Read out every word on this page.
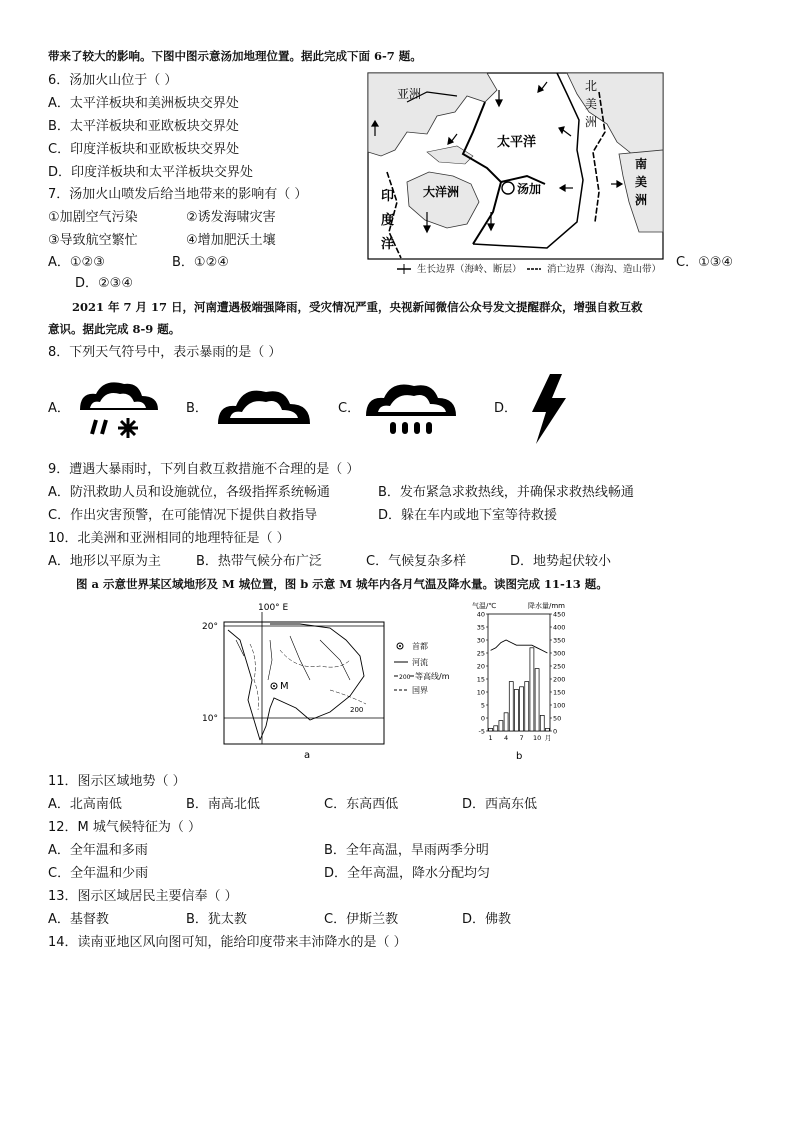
带来了较大的影响。下图中图示意汤加地理位置。据此完成下面 6-7 题。
6．汤加火山位于（ ）
A．太平洋板块和美洲板块交界处
B．太平洋板块和亚欧板块交界处
C．印度洋板块和亚欧板块交界处
D．印度洋板块和太平洋板块交界处
7．汤加火山喷发后给当地带来的影响有（ ）
①加剧空气污染	②诱发海啸灾害
③导致航空繁忙	④增加肥沃土壤
A．①②③	B．①②④	C．①③④
D．②③④
亚洲
北
美
洲
太平洋
大洋洲	汤加
南
美
洲
印
度
洋
生长边界（海岭、断层）	消亡边界（海沟、造山带）
2021 年 7 月 17 日，河南遭遇极端强降雨，受灾情况严重，央视新闻微信公众号发文提醒群众，增强自救互救
意识。据此完成 8-9 题。
8．下列天气符号中，表示暴雨的是（ ）
A．	B．	C．	D．
9．遭遇大暴雨时，下列自救互救措施不合理的是（ ）
A．防汛救助人员和设施就位，各级指挥系统畅通	B．发布紧急求救热线，并确保求救热线畅通
C．作出灾害预警，在可能情况下提供自救指导	D．躲在车内或地下室等待救援
10．北美洲和亚洲相同的地理特征是（ ）
A．地形以平原为主	B．热带气候分布广泛	C．气候复杂多样	D．地势起伏较小
图 a 示意世界某区域地形及 M 城位置，图 b 示意 M 城年内各月气温及降水量。读图完成 11-13 题。
100° E
20°
10°
M
200
首都
河流
200 等高线/m
国界
a
气温/℃	降水量/mm
40
35
30
25
20
15
10
5
0
-5
450
400
350
300
250
200
150
100
50
0
1 4 7 10 月
b
11．图示区域地势（ ）
A．北高南低	B．南高北低	C．东高西低	D．西高东低
12．M 城气候特征为（ ）
A．全年温和多雨	B．全年高温，旱雨两季分明
C．全年温和少雨	D．全年高温，降水分配均匀
13．图示区域居民主要信奉（ ）
A．基督教	B．犹太教	C．伊斯兰教	D．佛教
14．读南亚地区风向图可知，能给印度带来丰沛降水的是（ ）
